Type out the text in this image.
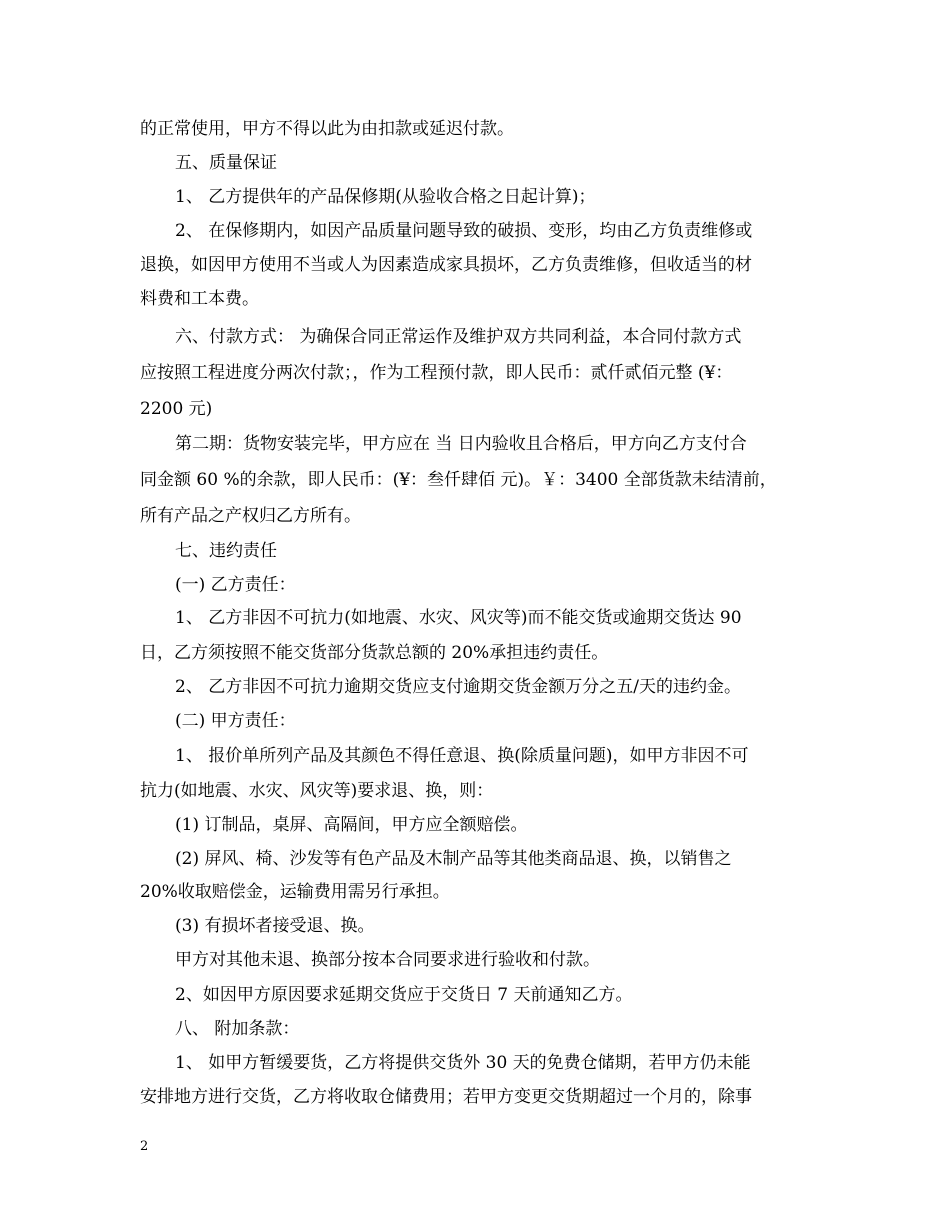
的正常使用，甲方不得以此为由扣款或延迟付款。

五、质量保证

1、 乙方提供年的产品保修期(从验收合格之日起计算)；

2、 在保修期内，如因产品质量问题导致的破损、变形，均由乙方负责维修或

退换，如因甲方使用不当或人为因素造成家具损坏，乙方负责维修，但收适当的材

料费和工本费。

六、付款方式： 为确保合同正常运作及维护双方共同利益，本合同付款方式

应按照工程进度分两次付款；，作为工程预付款，即人民币：贰仟贰佰元整 (¥：

2200 元)

第二期：货物安装完毕，甲方应在 当 日内验收且合格后，甲方向乙方支付合

同金额 60 %的余款，即人民币：(¥：叁仟肆佰 元)。￥：3400 全部货款未结清前，

所有产品之产权归乙方所有。

七、违约责任

(一) 乙方责任：

1、 乙方非因不可抗力(如地震、水灾、风灾等)而不能交货或逾期交货达 90

日，乙方须按照不能交货部分货款总额的 20%承担违约责任。

2、 乙方非因不可抗力逾期交货应支付逾期交货金额万分之五/天的违约金。

(二) 甲方责任：

1、 报价单所列产品及其颜色不得任意退、换(除质量问题)，如甲方非因不可

抗力(如地震、水灾、风灾等)要求退、换，则：

(1) 订制品，桌屏、高隔间，甲方应全额赔偿。

(2) 屏风、椅、沙发等有色产品及木制产品等其他类商品退、换，以销售之

20%收取赔偿金，运输费用需另行承担。

(3) 有损坏者接受退、换。

甲方对其他未退、换部分按本合同要求进行验收和付款。

2、如因甲方原因要求延期交货应于交货日 7 天前通知乙方。

八、 附加条款：

1、 如甲方暂缓要货，乙方将提供交货外 30 天的免费仓储期，若甲方仍未能

安排地方进行交货，乙方将收取仓储费用；若甲方变更交货期超过一个月的，除事

2
